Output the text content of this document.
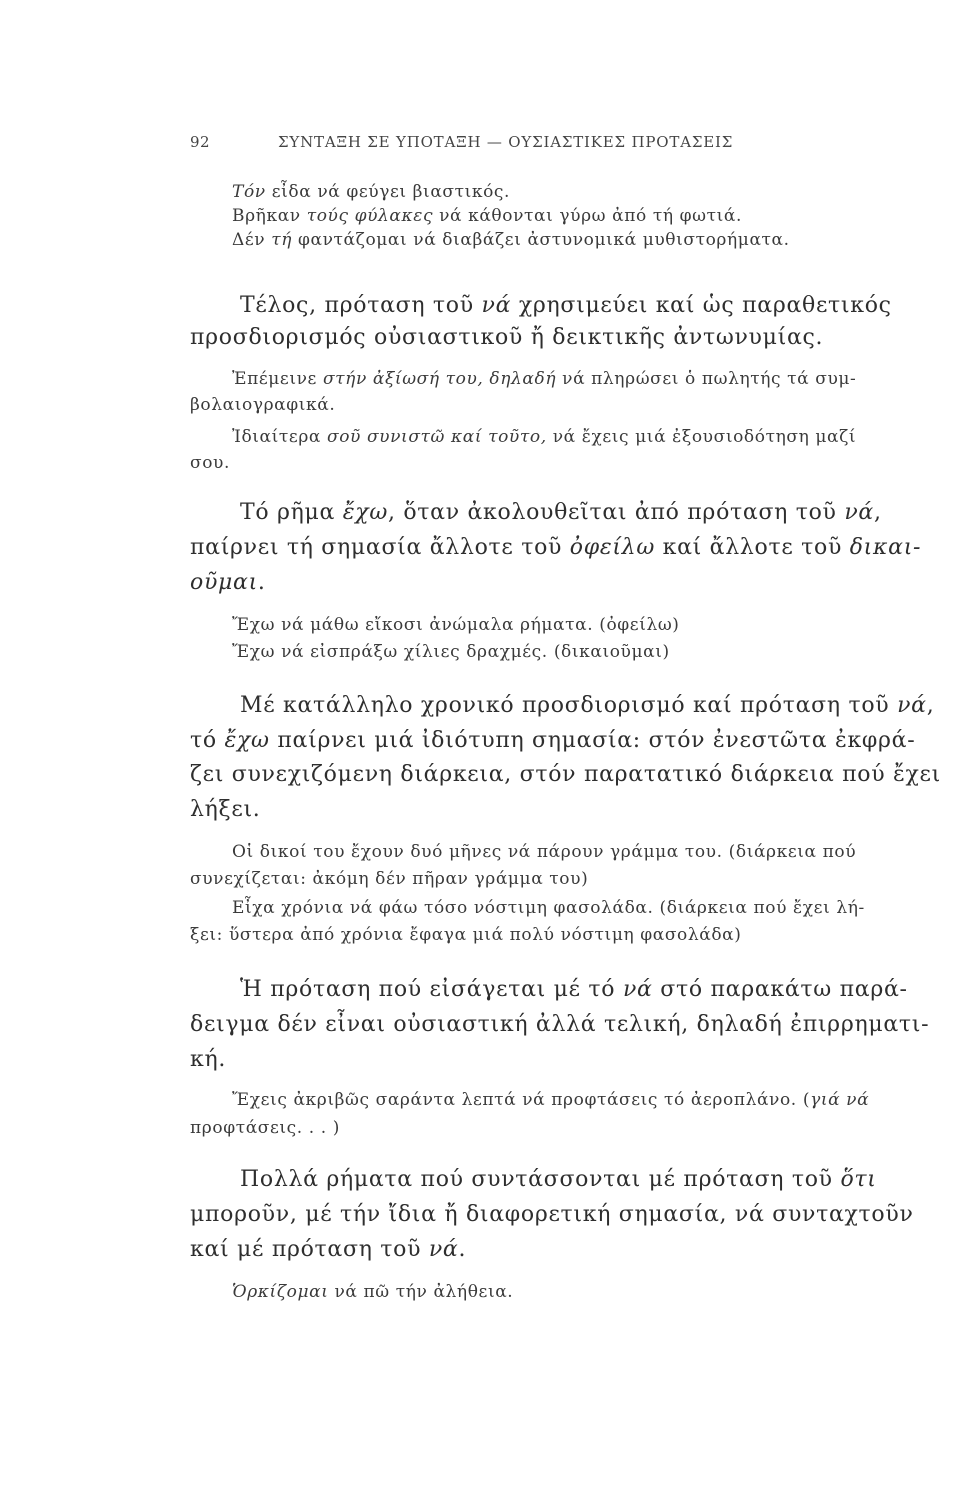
92	ΣΥΝΤΑΞΗ ΣΕ ΥΠΟΤΑΞΗ — ΟΥΣΙΑΣΤΙΚΕΣ ΠΡΟΤΑΣΕΙΣ
Τόν εἶδα νά φεύγει βιαστικός.
Βρῆκαν τούς φύλακες νά κάθονται γύρω ἀπό τή φωτιά.
Δέν τή φαντάζομαι νά διαβάζει ἀστυνομικά μυθιστορήματα.
Τέλος, πρόταση τοῦ νά χρησιμεύει καί ὡς παραθετικός
προσδιορισμός οὐσιαστικοῦ ἤ δεικτικῆς ἀντωνυμίας.
Ἐπέμεινε στήν ἀξίωσή του, δηλαδή νά πληρώσει ὁ πωλητής τά συμ-
βολαιογραφικά.
Ἰδιαίτερα σοῦ συνιστῶ καί τοῦτο, νά ἔχεις μιά ἐξουσιοδότηση μαζί
σου.
Τό ρῆμα ἔχω, ὅταν ἀκολουθεῖται ἀπό πρόταση τοῦ νά,
παίρνει τή σημασία ἄλλοτε τοῦ ὀφείλω καί ἄλλοτε τοῦ δικαι-
οῦμαι.
Ἔχω νά μάθω εἴκοσι ἀνώμαλα ρήματα. (ὀφείλω)
Ἔχω νά εἰσπράξω χίλιες δραχμές. (δικαιοῦμαι)
Μέ κατάλληλο χρονικό προσδιορισμό καί πρόταση τοῦ νά,
τό ἔχω παίρνει μιά ἰδιότυπη σημασία: στόν ἐνεστῶτα ἐκφρά-
ζει συνεχιζόμενη διάρκεια, στόν παρατατικό διάρκεια πού ἔχει
λήξει.
Οἱ δικοί του ἔχουν δυό μῆνες νά πάρουν γράμμα του. (διάρκεια πού
συνεχίζεται: ἀκόμη δέν πῆραν γράμμα του)
Εἶχα χρόνια νά φάω τόσο νόστιμη φασολάδα. (διάρκεια πού ἔχει λή-
ξει: ὕστερα ἀπό χρόνια ἔφαγα μιά πολύ νόστιμη φασολάδα)
Ἡ πρόταση πού εἰσάγεται μέ τό νά στό παρακάτω παρά-
δειγμα δέν εἶναι οὐσιαστική ἀλλά τελική, δηλαδή ἐπιρρηματι-
κή.
Ἔχεις ἀκριβῶς σαράντα λεπτά νά προφτάσεις τό ἀεροπλάνο. (γιά νά
προφτάσεις. . . )
Πολλά ρήματα πού συντάσσονται μέ πρόταση τοῦ ὅτι
μποροῦν, μέ τήν ἴδια ἤ διαφορετική σημασία, νά συνταχτοῦν
καί μέ πρόταση τοῦ νά.
Ὁρκίζομαι νά πῶ τήν ἀλήθεια.
